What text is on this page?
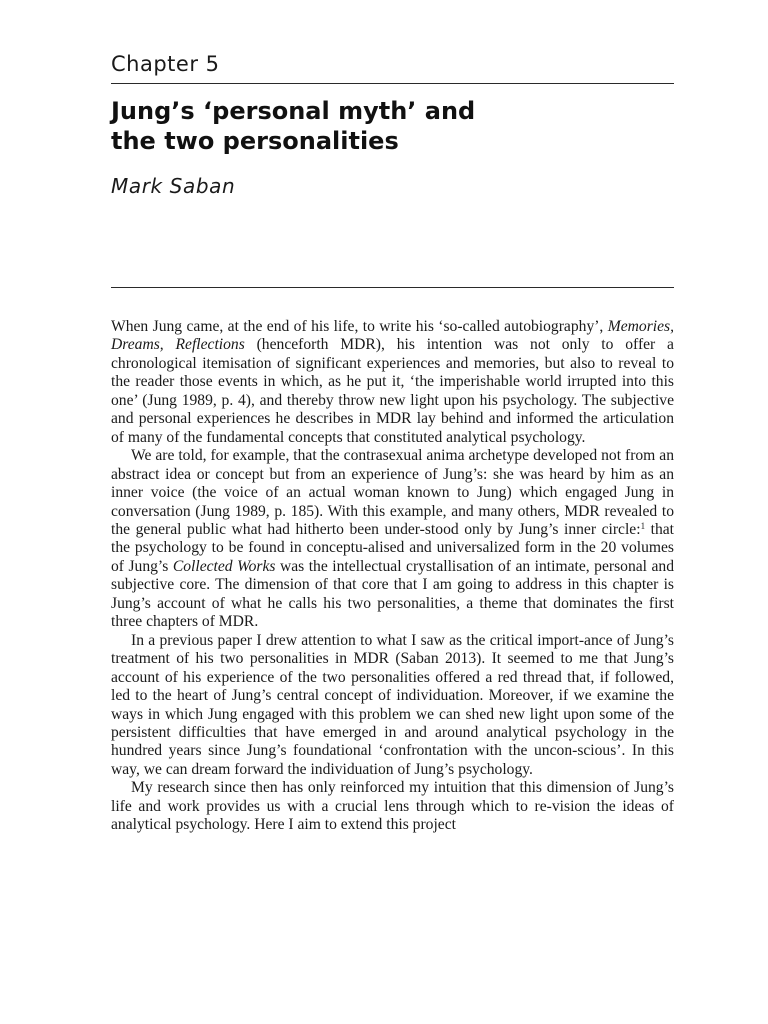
Chapter 5
Jung’s ‘personal myth’ and
the two personalities
Mark Saban

When Jung came, at the end of his life, to write his ‘so-called autobiography’, Memories, Dreams, Reflections (henceforth MDR), his intention was not only to offer a chronological itemisation of significant experiences and memories, but also to reveal to the reader those events in which, as he put it, ‘the imperishable world irrupted into this one’ (Jung 1989, p. 4), and thereby throw new light upon his psychology. The subjective and personal experiences he describes in MDR lay behind and informed the articulation of many of the fundamental concepts that constituted analytical psychology.

We are told, for example, that the contrasexual anima archetype developed not from an abstract idea or concept but from an experience of Jung’s: she was heard by him as an inner voice (the voice of an actual woman known to Jung) which engaged Jung in conversation (Jung 1989, p. 185). With this example, and many others, MDR revealed to the general public what had hitherto been under-stood only by Jung’s inner circle:$^1$ that the psychology to be found in conceptu-alised and universalized form in the 20 volumes of Jung’s Collected Works was the intellectual crystallisation of an intimate, personal and subjective core. The dimension of that core that I am going to address in this chapter is Jung’s account of what he calls his two personalities, a theme that dominates the first three chapters of MDR.

In a previous paper I drew attention to what I saw as the critical import-ance of Jung’s treatment of his two personalities in MDR (Saban 2013). It seemed to me that Jung’s account of his experience of the two personalities offered a red thread that, if followed, led to the heart of Jung’s central concept of individuation. Moreover, if we examine the ways in which Jung engaged with this problem we can shed new light upon some of the persistent difficulties that have emerged in and around analytical psychology in the hundred years since Jung’s foundational ‘confrontation with the uncon-scious’. In this way, we can dream forward the individuation of Jung’s psychology.

My research since then has only reinforced my intuition that this dimension of Jung’s life and work provides us with a crucial lens through which to re-vision the ideas of analytical psychology. Here I aim to extend this project
